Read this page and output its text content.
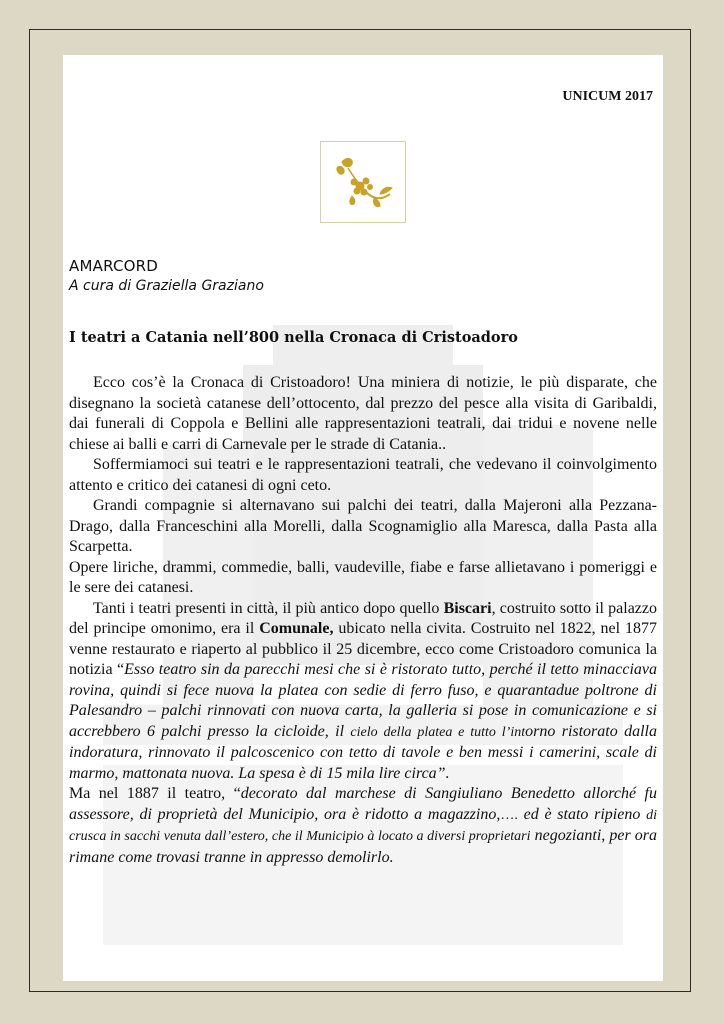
UNICUM 2017
AMARCORD
A cura di Graziella Graziano
I teatri a Catania nell’800 nella Cronaca di Cristoadoro

Ecco cos’è la Cronaca di Cristoadoro! Una miniera di notizie, le più disparate, che disegnano la società catanese dell’ottocento, dal prezzo del pesce alla visita di Garibaldi, dai funerali di Coppola e Bellini alle rappresentazioni teatrali, dai tridui e novene nelle chiese ai balli e carri di Carnevale per le strade di Catania..

Soffermiamoci sui teatri e le rappresentazioni teatrali, che vedevano il coinvolgimento attento e critico dei catanesi di ogni ceto.

Grandi compagnie si alternavano sui palchi dei teatri, dalla Majeroni alla Pezzana-Drago, dalla Franceschini alla Morelli, dalla Scognamiglio alla Maresca, dalla Pasta alla Scarpetta.

Opere liriche, drammi, commedie, balli, vaudeville, fiabe e farse allietavano i pomeriggi e le sere dei catanesi.

Tanti i teatri presenti in città, il più antico dopo quello Biscari, costruito sotto il palazzo del principe omonimo, era il Comunale, ubicato nella civita. Costruito nel 1822, nel 1877 venne restaurato e riaperto al pubblico il 25 dicembre, ecco come Cristoadoro comunica la notizia “Esso teatro sin da parecchi mesi che si è ristorato tutto, perché il tetto minacciava rovina, quindi si fece nuova la platea con sedie di ferro fuso, e quarantadue poltrone di Palesandro – palchi rinnovati con nuova carta, la galleria si pose in comunicazione e si accrebbero 6 palchi presso la cicloide, il cielo della platea e tutto l’intorno ristorato dalla indoratura, rinnovato il palcoscenico con tetto di tavole e ben messi i camerini, scale di marmo, mattonata nuova. La spesa è di 15 mila lire circa”.

Ma nel 1887 il teatro, “decorato dal marchese di Sangiuliano Benedetto allorché fu assessore, di proprietà del Municipio, ora è ridotto a magazzino,…. ed è stato ripieno di crusca in sacchi venuta dall’estero, che il Municipio à locato a diversi proprietari negozianti, per ora rimane come trovasi tranne in appresso demolirlo.
